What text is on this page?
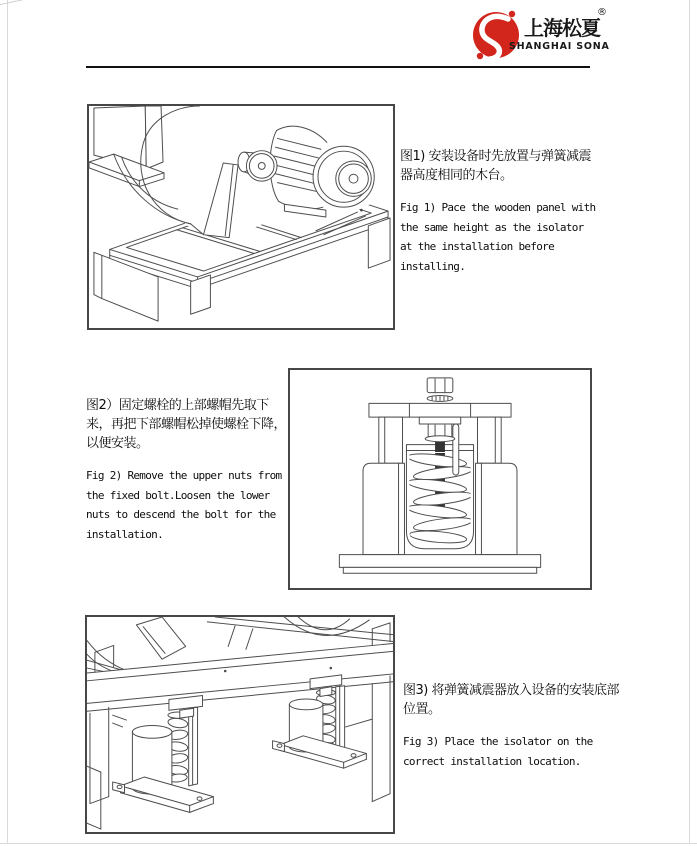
上海松夏
®
SHANGHAI SONA
图1) 安装设备时先放置与弹簧减震
器高度相同的木台。
Fig 1) Pace the wooden panel with
the same height as the isolator
at the installation before
installing.
图2）固定螺栓的上部螺帽先取下
来，再把下部螺帽松掉使螺栓下降，
以便安装。
Fig 2) Remove the upper nuts from
the fixed bolt.Loosen the lower
nuts to descend the bolt for the
installation.
图3) 将弹簧减震器放入设备的安装底部
位置。
Fig 3) Place the isolator on the
correct installation location.
